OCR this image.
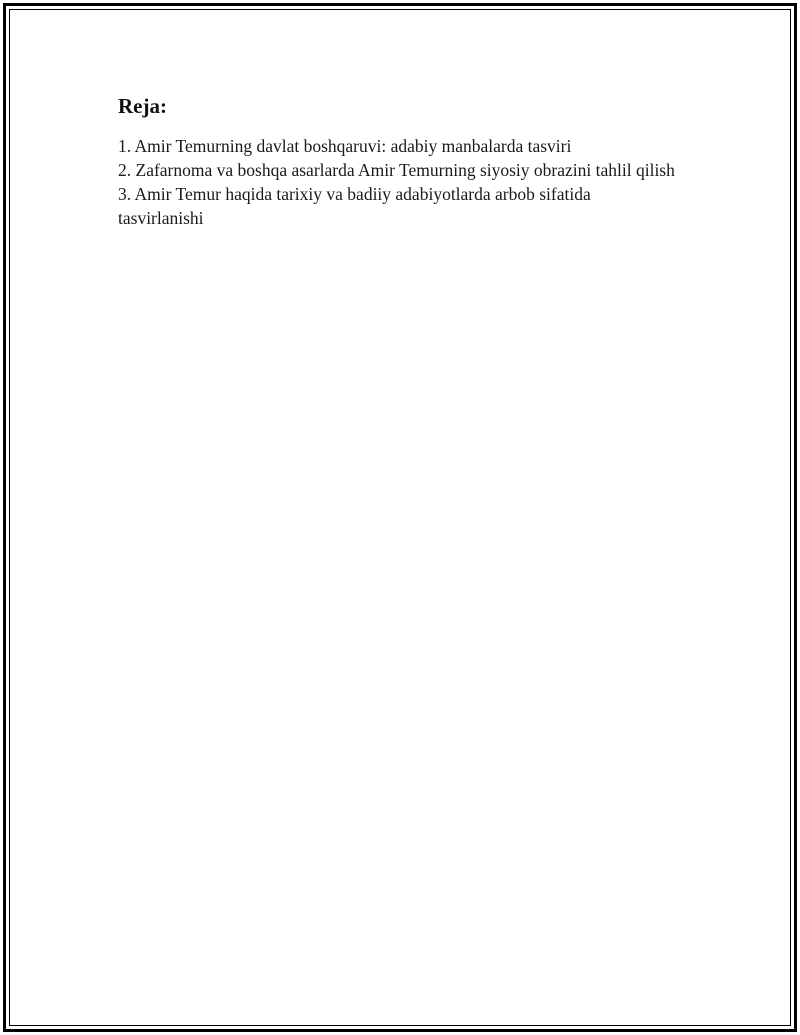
Reja:
1. Amir Temurning davlat boshqaruvi: adabiy manbalarda tasviri
2. Zafarnoma va boshqa asarlarda Amir Temurning siyosiy obrazini tahlil qilish
3. Amir Temur haqida tarixiy va badiiy adabiyotlarda arbob sifatida tasvirlanishi
